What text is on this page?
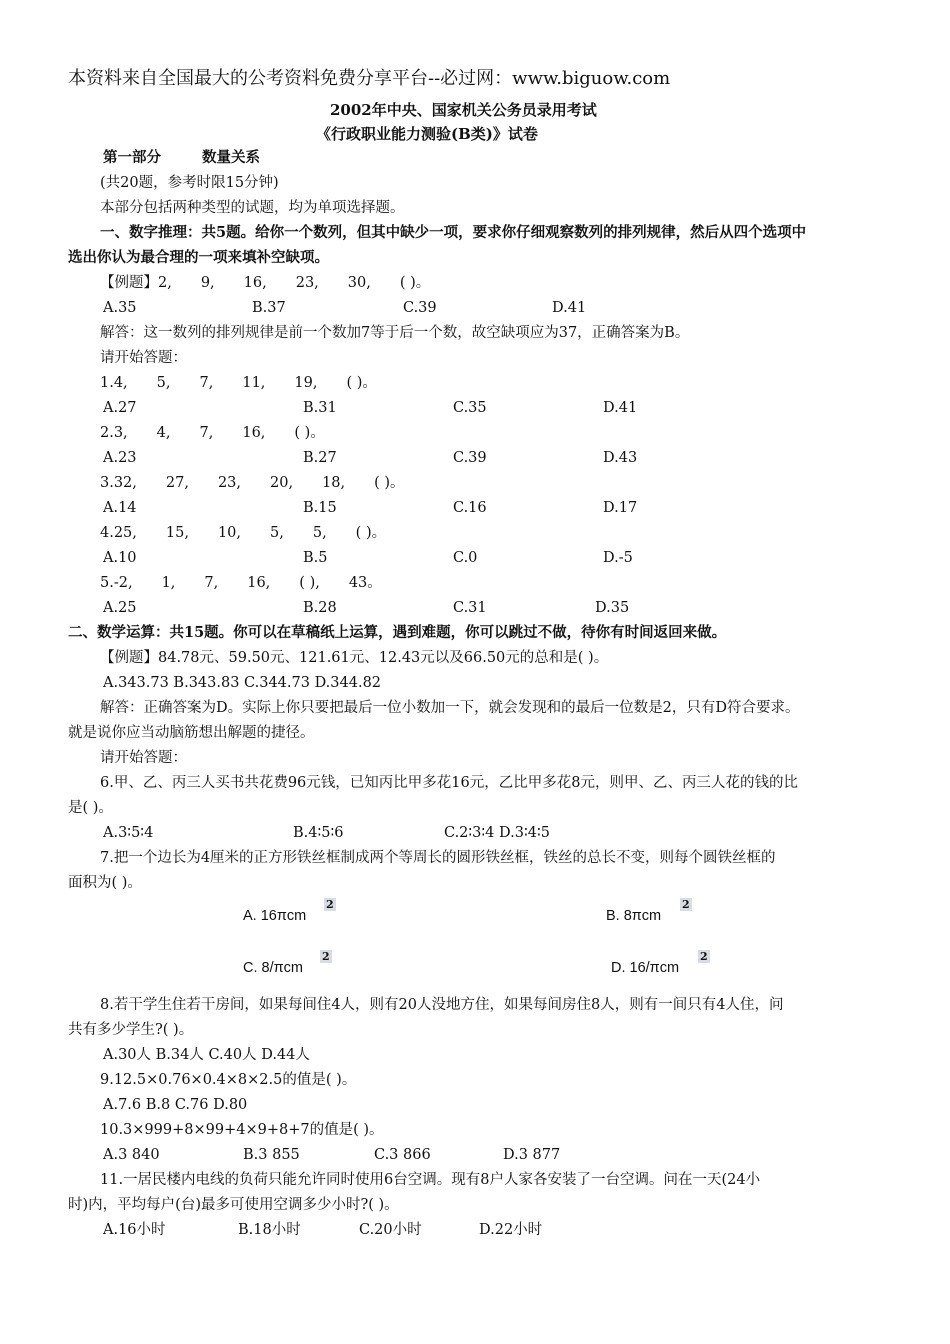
本资料来自全国最大的公考资料免费分享平台--必过网：www.biguow.com
2002年中央、国家机关公务员录用考试
《行政职业能力测验(B类)》试卷
第一部分	数量关系
(共20题，参考时限15分钟)
本部分包括两种类型的试题，均为单项选择题。
一、数字推理：共5题。给你一个数列，但其中缺少一项，要求你仔细观察数列的排列规律，然后从四个选项中
选出你认为最合理的一项来填补空缺项。
【例题】2,　　9,　　16,　　23,　　30,　　( )。
A.35	B.37	C.39	D.41
解答：这一数列的排列规律是前一个数加7等于后一个数，故空缺项应为37，正确答案为B。
请开始答题：
1.4,　　5,　　7,　　11,　　19,　　( )。
A.27	B.31	C.35	D.41
2.3,　　4,　　7,　　16,　　( )。
A.23	B.27	C.39	D.43
3.32,　　27,　　23,　　20,　　18,　　( )。
A.14	B.15	C.16	D.17
4.25,　　15,　　10,　　5,　　5,　　( )。
A.10	B.5	C.0	D.-5
5.-2,　　1,　　7,　　16,　　( ),　　43。
A.25	B.28	C.31	D.35
二、数学运算：共15题。你可以在草稿纸上运算，遇到难题，你可以跳过不做，待你有时间返回来做。
【例题】84.78元、59.50元、121.61元、12.43元以及66.50元的总和是( )。
A.343.73 B.343.83 C.344.73 D.344.82
解答：正确答案为D。实际上你只要把最后一位小数加一下，就会发现和的最后一位数是2，只有D符合要求。
就是说你应当动脑筋想出解题的捷径。
请开始答题：
6.甲、乙、丙三人买书共花费96元钱，已知丙比甲多花16元，乙比甲多花8元，则甲、乙、丙三人花的钱的比
是( )。
A.3∶5∶4	B.4∶5∶6	C.2∶3∶4 D.3∶4∶5
7.把一个边长为4厘米的正方形铁丝框制成两个等周长的圆形铁丝框，铁丝的总长不变，则每个圆铁丝框的
面积为( )。
A. 16πcm
2
B. 8πcm
2
C. 8/πcm
2
D. 16/πcm
2
8.若干学生住若干房间，如果每间住4人，则有20人没地方住，如果每间房住8人，则有一间只有4人住，问
共有多少学生?( )。
A.30人 B.34人 C.40人 D.44人
9.12.5×0.76×0.4×8×2.5的值是( )。
A.7.6 B.8 C.76 D.80
10.3×999+8×99+4×9+8+7的值是( )。
A.3 840	B.3 855	C.3 866	D.3 877
11.一居民楼内电线的负荷只能允许同时使用6台空调。现有8户人家各安装了一台空调。问在一天(24小
时)内，平均每户(台)最多可使用空调多少小时?( )。
A.16小时	B.18小时	C.20小时	D.22小时
